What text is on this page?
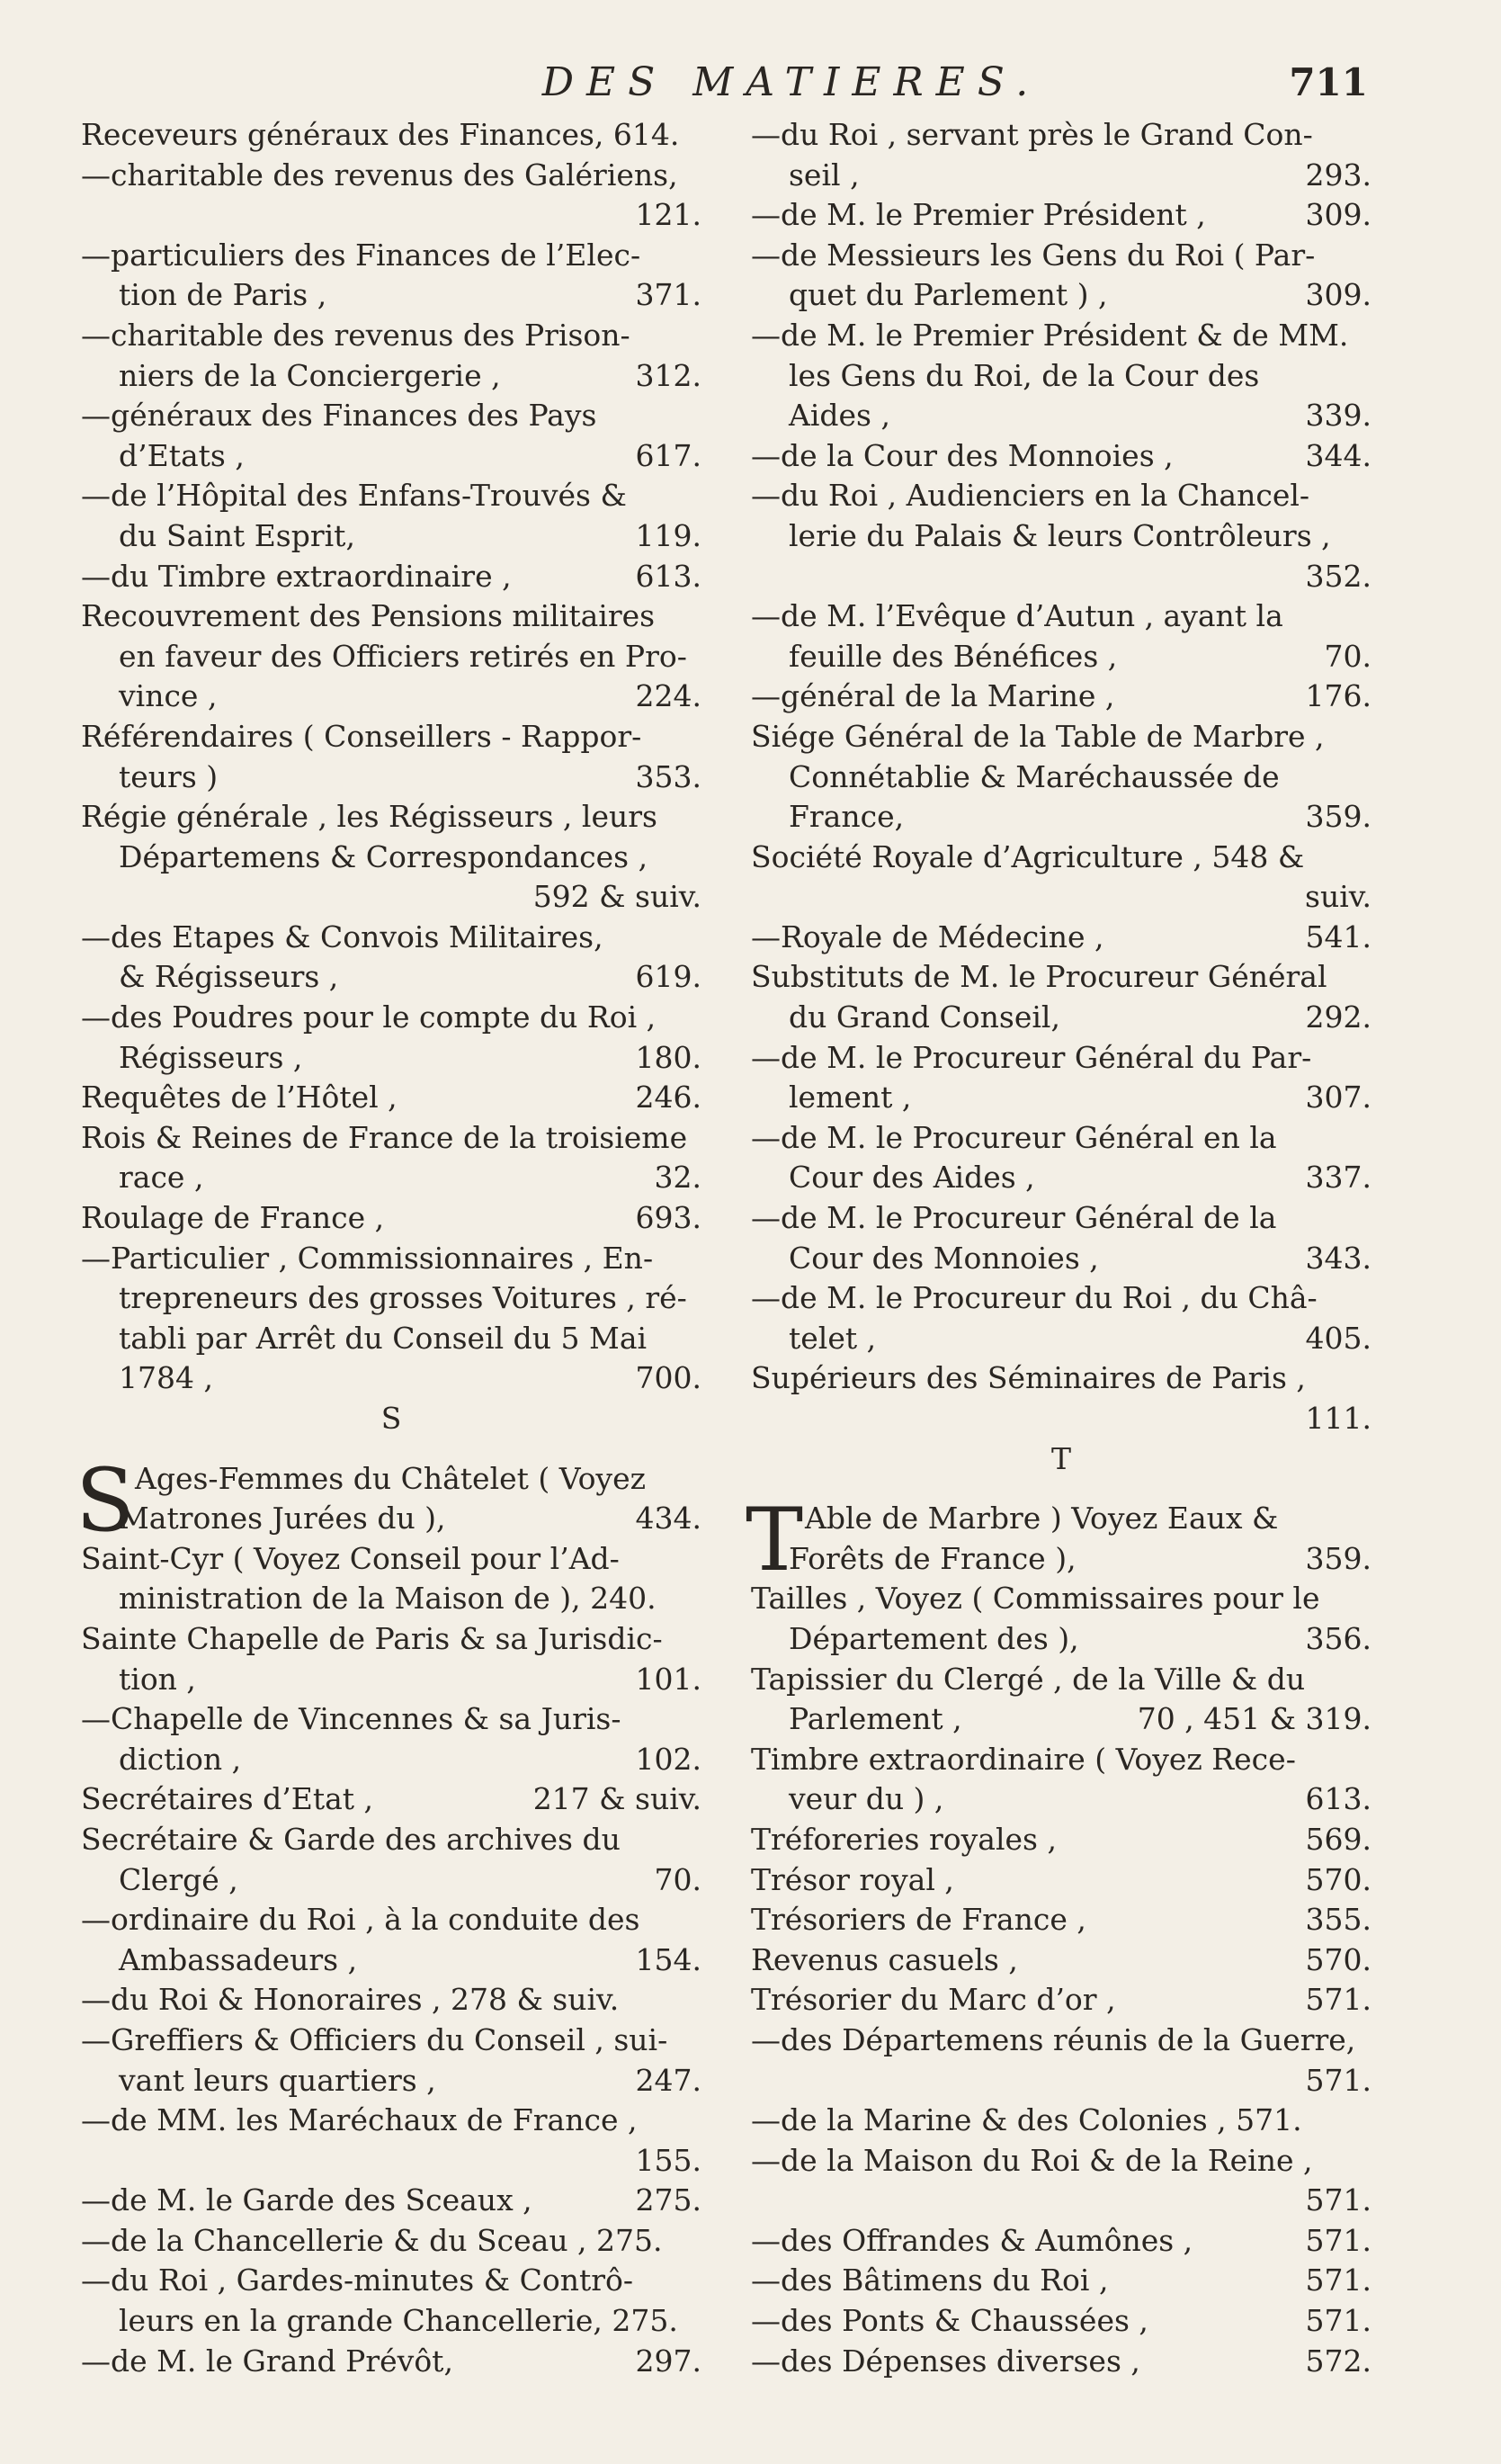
DES MATIERES.	711
Receveurs généraux des Finances, 614.
—charitable des revenus des Galériens,
121.
—particuliers des Finances de l’Elec-
tion de Paris ,	371.
—charitable des revenus des Prison-
niers de la Conciergerie ,	312.
—généraux des Finances des Pays
d’Etats ,	617.
—de l’Hôpital des Enfans-Trouvés &
du Saint Esprit,	119.
—du Timbre extraordinaire ,	613.
Recouvrement des Pensions militaires
en faveur des Officiers retirés en Pro-
vince ,	224.
Référendaires ( Conseillers - Rappor-
teurs )	353.
Régie générale , les Régisseurs , leurs
Départemens & Correspondances ,
592 & suiv.
—des Etapes & Convois Militaires,
& Régisseurs ,	619.
—des Poudres pour le compte du Roi ,
Régisseurs ,	180.
Requêtes de l’Hôtel ,	246.
Rois & Reines de France de la troisieme
race ,	32.
Roulage de France ,	693.
—Particulier , Commissionnaires , En-
trepreneurs des grosses Voitures , ré-
tabli par Arrêt du Conseil du 5 Mai
1784 ,	700.
S
S Ages-Femmes du Châtelet ( Voyez
Matrones Jurées du ),	434.
Saint-Cyr ( Voyez Conseil pour l’Ad-
ministration de la Maison de ), 240.
Sainte Chapelle de Paris & sa Jurisdic-
tion ,	101.
—Chapelle de Vincennes & sa Juris-
diction ,	102.
Secrétaires d’Etat ,	217 & suiv.
Secrétaire & Garde des archives du
Clergé ,	70.
—ordinaire du Roi , à la conduite des
Ambassadeurs ,	154.
—du Roi & Honoraires , 278 & suiv.
—Greffiers & Officiers du Conseil , sui-
vant leurs quartiers ,	247.
—de MM. les Maréchaux de France ,
155.
—de M. le Garde des Sceaux ,	275.
—de la Chancellerie & du Sceau , 275.
—du Roi , Gardes-minutes & Contrô-
leurs en la grande Chancellerie, 275.
—de M. le Grand Prévôt,	297.
—du Roi , servant près le Grand Con-
seil ,	293.
—de M. le Premier Président ,	309.
—de Messieurs les Gens du Roi ( Par-
quet du Parlement ) ,	309.
—de M. le Premier Président & de MM.
les Gens du Roi, de la Cour des
Aides ,	339.
—de la Cour des Monnoies ,	344.
—du Roi , Audienciers en la Chancel-
lerie du Palais & leurs Contrôleurs ,
352.
—de M. l’Evêque d’Autun , ayant la
feuille des Bénéfices ,	70.
—général de la Marine ,	176.
Siége Général de la Table de Marbre ,
Connétablie & Maréchaussée de
France,	359.
Société Royale d’Agriculture , 548 &
suiv.
—Royale de Médecine ,	541.
Substituts de M. le Procureur Général
du Grand Conseil,	292.
—de M. le Procureur Général du Par-
lement ,	307.
—de M. le Procureur Général en la
Cour des Aides ,	337.
—de M. le Procureur Général de la
Cour des Monnoies ,	343.
—de M. le Procureur du Roi , du Châ-
telet ,	405.
Supérieurs des Séminaires de Paris ,
111.
T
T Able de Marbre ) Voyez Eaux &
Forêts de France ),	359.
Tailles , Voyez ( Commissaires pour le
Département des ),	356.
Tapissier du Clergé , de la Ville & du
Parlement ,	70 , 451 & 319.
Timbre extraordinaire ( Voyez Rece-
veur du ) ,	613.
Tréforeries royales ,	569.
Trésor royal ,	570.
Trésoriers de France ,	355.
Revenus casuels ,	570.
Trésorier du Marc d’or ,	571.
—des Départemens réunis de la Guerre,
571.
—de la Marine & des Colonies , 571.
—de la Maison du Roi & de la Reine ,
571.
—des Offrandes & Aumônes ,	571.
—des Bâtimens du Roi ,	571.
—des Ponts & Chaussées ,	571.
—des Dépenses diverses ,	572.
